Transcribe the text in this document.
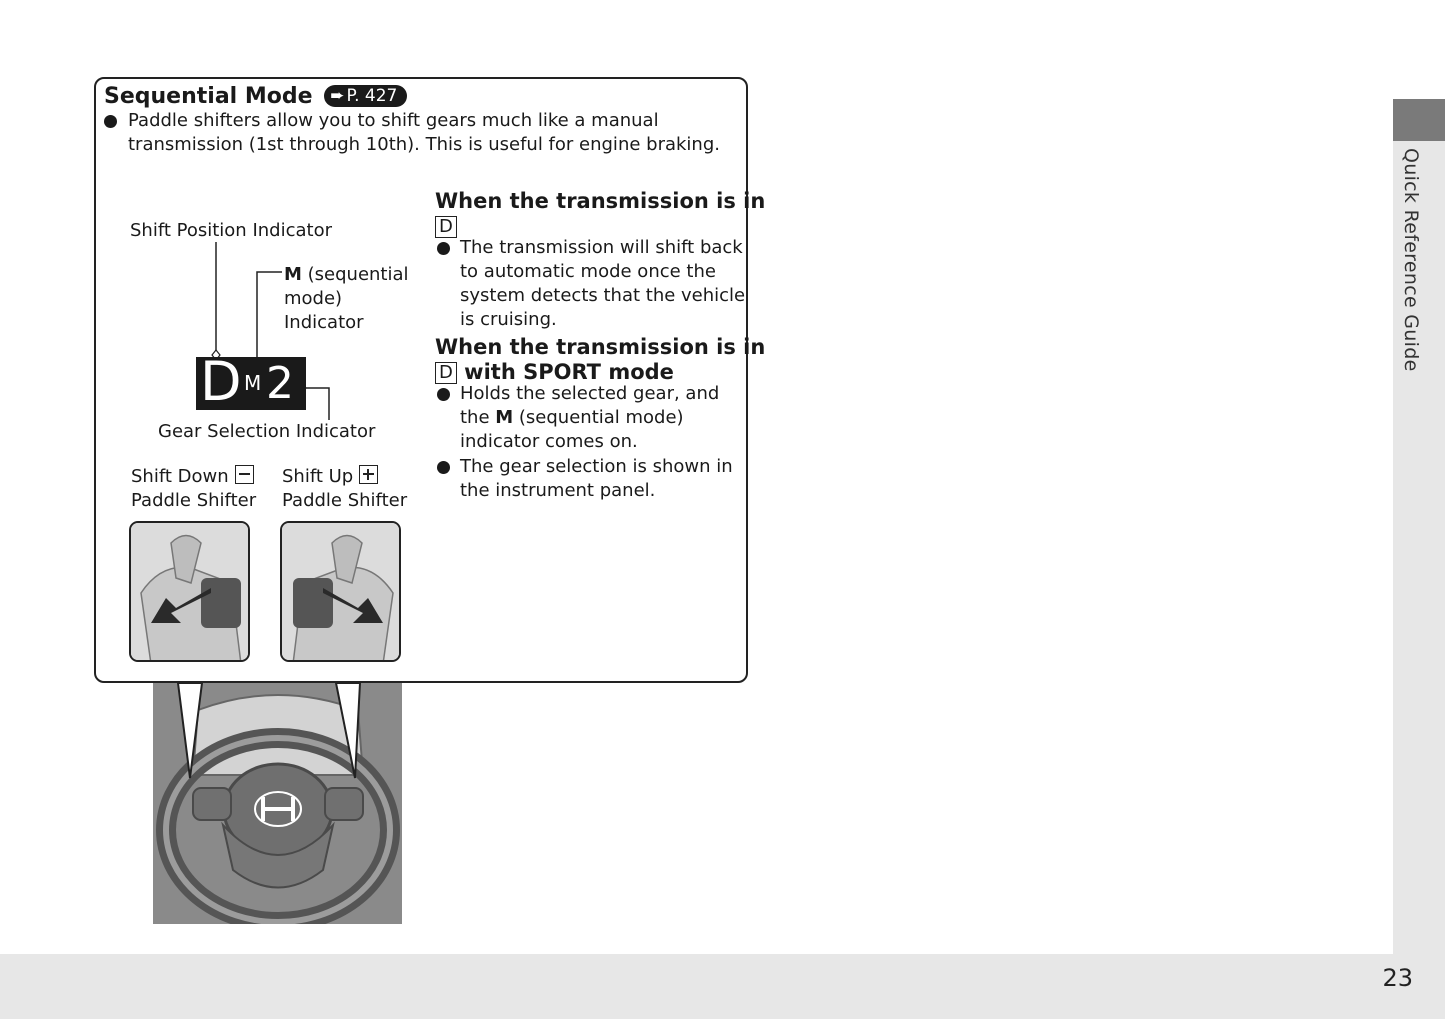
Quick Reference Guide
23
Sequential Mode ➨ P. 427
Paddle shifters allow you to shift gears much like a manual
transmission (1st through 10th). This is useful for engine braking.
Shift Position Indicator
M (sequential
mode)
Indicator
D M 2
Gear Selection Indicator
Shift Down

Paddle Shifter
Shift Up

Paddle Shifter
When the transmission is in
D
The transmission will shift back
to automatic mode once the
system detects that the vehicle
is cruising.
When the transmission is in
D with SPORT mode
Holds the selected gear, and
the M (sequential mode)
indicator comes on.
The gear selection is shown in
the instrument panel.
